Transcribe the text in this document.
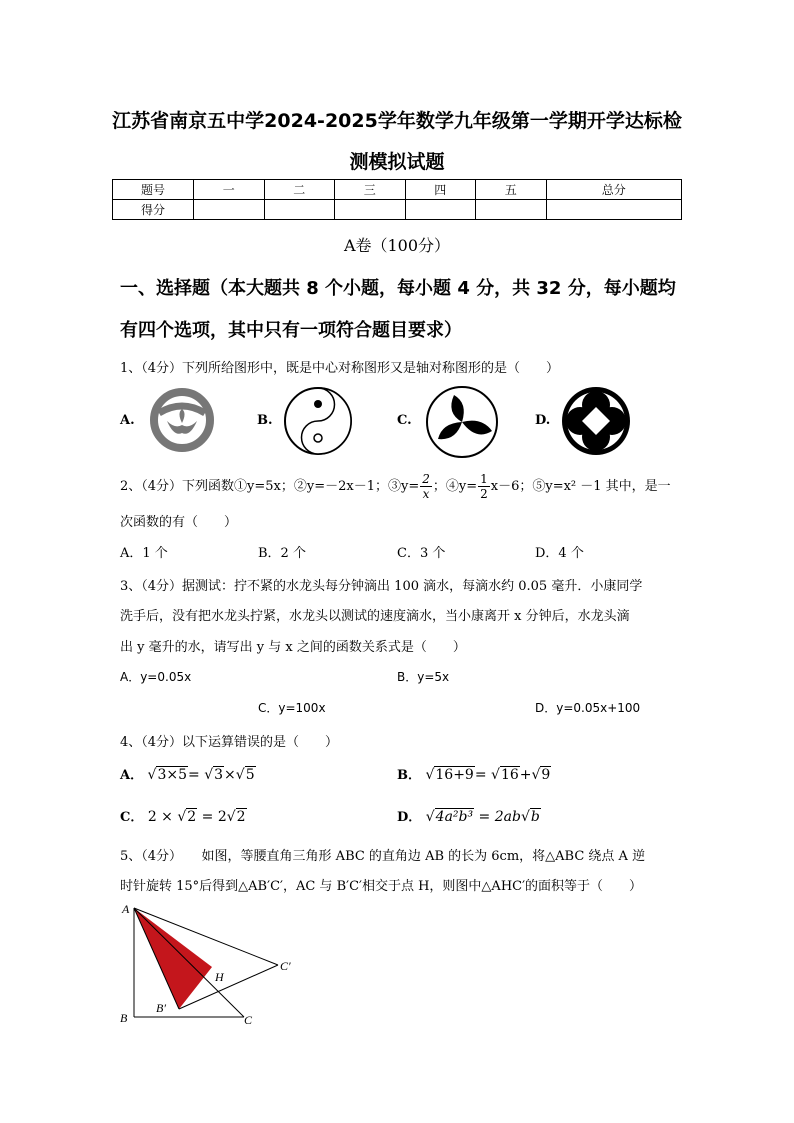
江苏省南京五中学2024-2025学年数学九年级第一学期开学达标检
测模拟试题
题号	一	二	三	四	五	总分
得分						
A卷（100分）
一、选择题（本大题共 8 个小题，每小题 4 分，共 32 分，每小题均
有四个选项，其中只有一项符合题目要求）
1、（4分）下列所给图形中，既是中心对称图形又是轴对称图形的是（　　）
A.	B.	C.	D.
2、（4分）下列函数①y=5x；②y=－2x－1；③y= $\frac{2}{x}$ ；④y= $\frac{1}{2} x-6$；⑤y=x² －1 其中，是一
次函数的有（　　）
A．1 个	B．2 个	C．3 个	D．4 个
3、（4分）据测试：拧不紧的水龙头每分钟滴出 100 滴水，每滴水约 0.05 毫升．小康同学
洗手后，没有把水龙头拧紧，水龙头以测试的速度滴水，当小康离开 x 分钟后，水龙头滴
出 y 毫升的水，请写出 y 与 x 之间的函数关系式是（　　）
A．y=0.05x	B．y=5x
C．y=100x	D．y=0.05x+100
4、（4分）以下运算错误的是（　　）
A． √3×5= √3×√5	B． √16+9= √16+√9
C． 2 × √2 = 2√2	D． √4a²b³ = 2ab√b
5、（4分）　　如图，等腰直角三角形 ABC 的直角边 AB 的长为 6cm，将△ABC 绕点 A 逆
时针旋转 15°后得到△AB′C′，AC 与 B′C′相交于点 H，则图中△AHC′的面积等于（　　）
A
B	C
B′
C′
H
